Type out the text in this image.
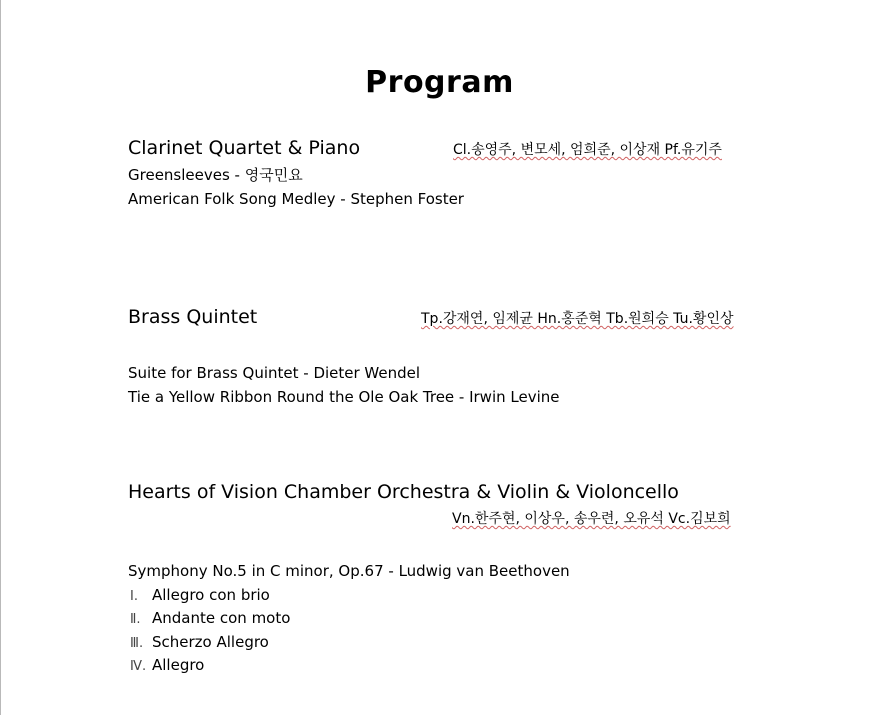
Program
Clarinet Quartet & Piano	Cl.송영주, 변모세, 엄희준, 이상재 Pf.유기주
Greensleeves - 영국민요
American Folk Song Medley - Stephen Foster
Brass Quintet	Tp.강재연, 임제균 Hn.홍준혁 Tb.원희승 Tu.황인상
Suite for Brass Quintet - Dieter Wendel
Tie a Yellow Ribbon Round the Ole Oak Tree - Irwin Levine
Hearts of Vision Chamber Orchestra & Violin & Violoncello
Vn.한주현, 이상우, 송우련, 오유석 Vc.김보희
Symphony No.5 in C minor, Op.67 - Ludwig van Beethoven
Ⅰ. Allegro con brio
Ⅱ. Andante con moto
Ⅲ. Scherzo Allegro
Ⅳ. Allegro
